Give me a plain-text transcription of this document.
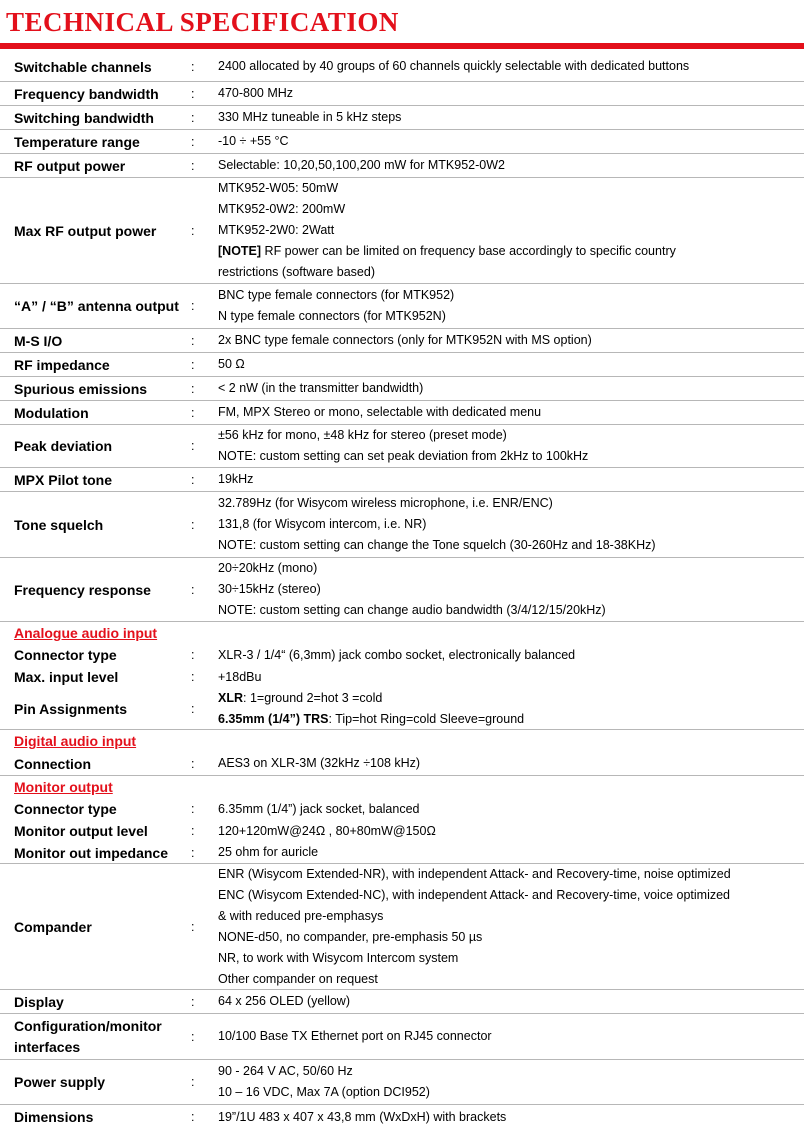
TECHNICAL SPECIFICATION
Switchable channels	:	2400 allocated by 40 groups of 60 channels quickly selectable with dedicated buttons
Frequency bandwidth	:	470-800 MHz
Switching bandwidth	:	330 MHz tuneable in 5 kHz steps
Temperature range	:	-10 ÷ +55 °C
RF output power	:	Selectable: 10,20,50,100,200 mW for MTK952-0W2
Max RF output power	:
MTK952-W05: 50mW
MTK952-0W2: 200mW
MTK952-2W0: 2Watt
[NOTE] RF power can be limited on frequency base accordingly to specific country
restrictions (software based)
“A” / “B” antenna output :
BNC type female connectors (for MTK952)
N type female connectors (for MTK952N)
M-S I/O	:	2x BNC type female connectors (only for MTK952N with MS option)
RF impedance	:	50 Ω
Spurious emissions	:	< 2 nW (in the transmitter bandwidth)
Modulation	:	FM, MPX Stereo or mono, selectable with dedicated menu
Peak deviation	:
±56 kHz for mono, ±48 kHz for stereo (preset mode)
NOTE: custom setting can set peak deviation from 2kHz to 100kHz
MPX Pilot tone	:	19kHz
Tone squelch	:
32.789Hz (for Wisycom wireless microphone, i.e. ENR/ENC)
131,8 (for Wisycom intercom, i.e. NR)
NOTE: custom setting can change the Tone squelch (30-260Hz and 18-38KHz)
Frequency response	:
20÷20kHz (mono)
30÷15kHz (stereo)
NOTE: custom setting can change audio bandwidth (3/4/12/15/20kHz)
Analogue audio input
Connector type	:	XLR-3 / 1/4“ (6,3mm) jack combo socket, electronically balanced
Max. input level	:	+18dBu
Pin Assignments	:
XLR: 1=ground 2=hot 3 =cold
6.35mm (1/4”) TRS: Tip=hot Ring=cold Sleeve=ground
Digital audio input
Connection	:	AES3 on XLR-3M (32kHz ÷108 kHz)
Monitor output
Connector type	:	6.35mm (1/4”) jack socket, balanced
Monitor output level	:	120+120mW@24Ω , 80+80mW@150Ω
Monitor out impedance	:	25 ohm for auricle
Compander	:
ENR (Wisycom Extended-NR), with independent Attack- and Recovery-time, noise optimized
ENC (Wisycom Extended-NC), with independent Attack- and Recovery-time, voice optimized
& with reduced pre-emphasys
NONE-d50, no compander, pre-emphasis 50 µs
NR, to work with Wisycom Intercom system
Other compander on request
Display	:	64 x 256 OLED (yellow)
Configuration/monitor
interfaces
:	10/100 Base TX Ethernet port on RJ45 connector
Power supply	:
90 - 264 V AC, 50/60 Hz
10 – 16 VDC, Max 7A (option DCI952)
Dimensions	:	19”/1U 483 x 407 x 43,8 mm (WxDxH) with brackets
